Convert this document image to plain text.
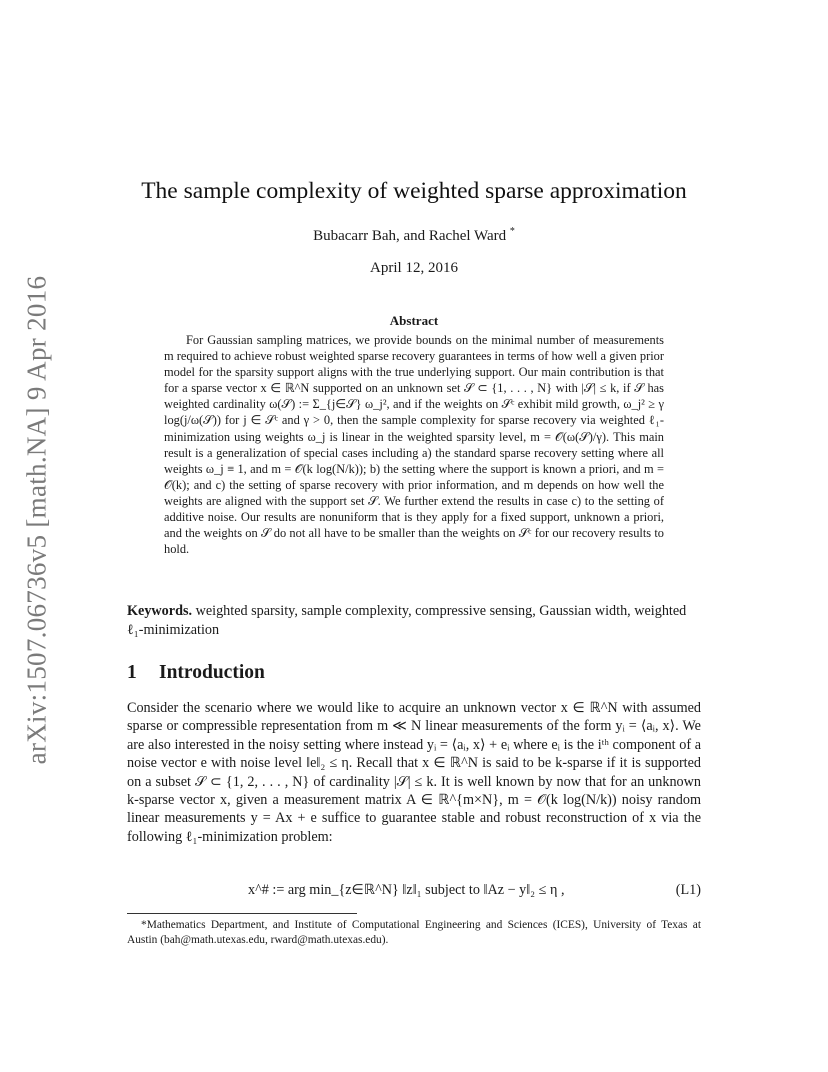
arXiv:1507.06736v5 [math.NA] 9 Apr 2016
The sample complexity of weighted sparse approximation
Bubacarr Bah, and Rachel Ward *
April 12, 2016
Abstract
For Gaussian sampling matrices, we provide bounds on the minimal number of measurements m required to achieve robust weighted sparse recovery guarantees in terms of how well a given prior model for the sparsity support aligns with the true underlying support. Our main contribution is that for a sparse vector x ∈ ℝ^N supported on an unknown set 𝒮 ⊂ {1, . . . , N} with |𝒮| ≤ k, if 𝒮 has weighted cardinality ω(𝒮) := Σ_{j∈𝒮} ω_j², and if the weights on 𝒮ᶜ exhibit mild growth, ω_j² ≥ γ log(j/ω(𝒮)) for j ∈ 𝒮ᶜ and γ > 0, then the sample complexity for sparse recovery via weighted ℓ₁-minimization using weights ω_j is linear in the weighted sparsity level, m = 𝒪(ω(𝒮)/γ). This main result is a generalization of special cases including a) the standard sparse recovery setting where all weights ω_j ≡ 1, and m = 𝒪(k log(N/k)); b) the setting where the support is known a priori, and m = 𝒪(k); and c) the setting of sparse recovery with prior information, and m depends on how well the weights are aligned with the support set 𝒮. We further extend the results in case c) to the setting of additive noise. Our results are nonuniform that is they apply for a fixed support, unknown a priori, and the weights on 𝒮 do not all have to be smaller than the weights on 𝒮ᶜ for our recovery results to hold.
Keywords. weighted sparsity, sample complexity, compressive sensing, Gaussian width, weighted ℓ₁-minimization
1 Introduction
Consider the scenario where we would like to acquire an unknown vector x ∈ ℝ^N with assumed sparse or compressible representation from m ≪ N linear measurements of the form yᵢ = ⟨aᵢ, x⟩. We are also interested in the noisy setting where instead yᵢ = ⟨aᵢ, x⟩ + eᵢ where eᵢ is the iᵗʰ component of a noise vector e with noise level ‖e‖₂ ≤ η. Recall that x ∈ ℝ^N is said to be k-sparse if it is supported on a subset 𝒮 ⊂ {1, 2, . . . , N} of cardinality |𝒮| ≤ k. It is well known by now that for an unknown k-sparse vector x, given a measurement matrix A ∈ ℝ^{m×N}, m = 𝒪(k log(N/k)) noisy random linear measurements y = Ax + e suffice to guarantee stable and robust reconstruction of x via the following ℓ₁-minimization problem:
x^# := arg min_{z∈ℝ^N} ‖z‖₁ subject to ‖Az − y‖₂ ≤ η ,	(L1)
*Mathematics Department, and Institute of Computational Engineering and Sciences (ICES), University of Texas at Austin (bah@math.utexas.edu, rward@math.utexas.edu).
